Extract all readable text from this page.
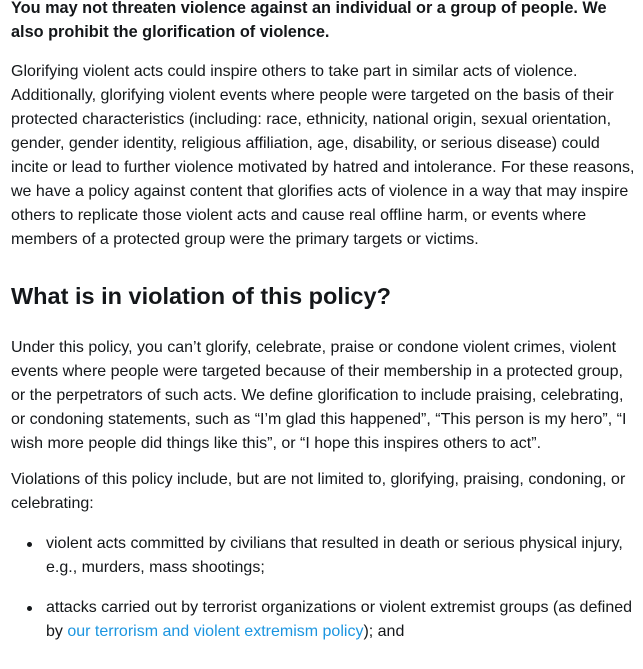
You may not threaten violence against an individual or a group of people. We also prohibit the glorification of violence.

Glorifying violent acts could inspire others to take part in similar acts of violence. Additionally, glorifying violent events where people were targeted on the basis of their protected characteristics (including: race, ethnicity, national origin, sexual orientation, gender, gender identity, religious affiliation, age, disability, or serious disease) could incite or lead to further violence motivated by hatred and intolerance. For these reasons, we have a policy against content that glorifies acts of violence in a way that may inspire others to replicate those violent acts and cause real offline harm, or events where members of a protected group were the primary targets or victims.

What is in violation of this policy?

Under this policy, you can’t glorify, celebrate, praise or condone violent crimes, violent events where people were targeted because of their membership in a protected group, or the perpetrators of such acts. We define glorification to include praising, celebrating, or condoning statements, such as “I’m glad this happened”, “This person is my hero”, “I wish more people did things like this”, or “I hope this inspires others to act”.

Violations of this policy include, but are not limited to, glorifying, praising, condoning, or celebrating:

violent acts committed by civilians that resulted in death or serious physical injury, e.g., murders, mass shootings;
attacks carried out by terrorist organizations or violent extremist groups (as defined by our terrorism and violent extremism policy); and
